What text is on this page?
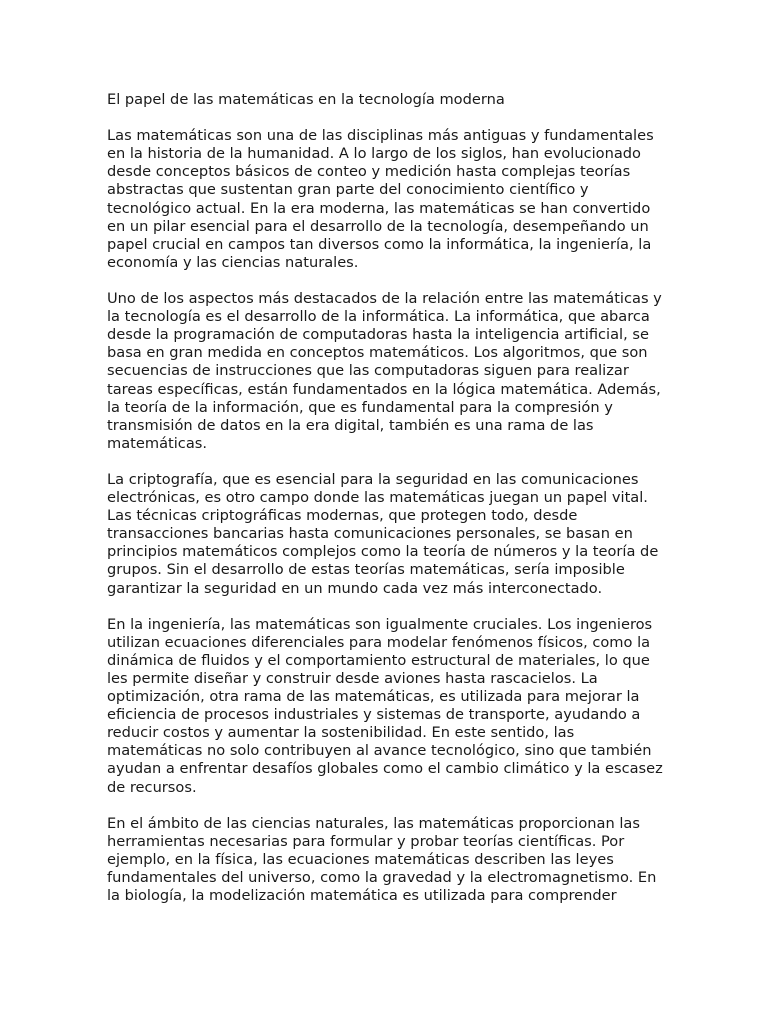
El papel de las matemáticas en la tecnología moderna

Las matemáticas son una de las disciplinas más antiguas y fundamentales en la historia de la humanidad. A lo largo de los siglos, han evolucionado desde conceptos básicos de conteo y medición hasta complejas teorías abstractas que sustentan gran parte del conocimiento científico y tecnológico actual. En la era moderna, las matemáticas se han convertido en un pilar esencial para el desarrollo de la tecnología, desempeñando un papel crucial en campos tan diversos como la informática, la ingeniería, la economía y las ciencias naturales.

Uno de los aspectos más destacados de la relación entre las matemáticas y la tecnología es el desarrollo de la informática. La informática, que abarca desde la programación de computadoras hasta la inteligencia artificial, se basa en gran medida en conceptos matemáticos. Los algoritmos, que son secuencias de instrucciones que las computadoras siguen para realizar tareas específicas, están fundamentados en la lógica matemática. Además, la teoría de la información, que es fundamental para la compresión y transmisión de datos en la era digital, también es una rama de las matemáticas.

La criptografía, que es esencial para la seguridad en las comunicaciones electrónicas, es otro campo donde las matemáticas juegan un papel vital. Las técnicas criptográficas modernas, que protegen todo, desde transacciones bancarias hasta comunicaciones personales, se basan en principios matemáticos complejos como la teoría de números y la teoría de grupos. Sin el desarrollo de estas teorías matemáticas, sería imposible garantizar la seguridad en un mundo cada vez más interconectado.

En la ingeniería, las matemáticas son igualmente cruciales. Los ingenieros utilizan ecuaciones diferenciales para modelar fenómenos físicos, como la dinámica de fluidos y el comportamiento estructural de materiales, lo que les permite diseñar y construir desde aviones hasta rascacielos. La optimización, otra rama de las matemáticas, es utilizada para mejorar la eficiencia de procesos industriales y sistemas de transporte, ayudando a reducir costos y aumentar la sostenibilidad. En este sentido, las matemáticas no solo contribuyen al avance tecnológico, sino que también ayudan a enfrentar desafíos globales como el cambio climático y la escasez de recursos.

En el ámbito de las ciencias naturales, las matemáticas proporcionan las herramientas necesarias para formular y probar teorías científicas. Por ejemplo, en la física, las ecuaciones matemáticas describen las leyes fundamentales del universo, como la gravedad y la electromagnetismo. En la biología, la modelización matemática es utilizada para comprender
